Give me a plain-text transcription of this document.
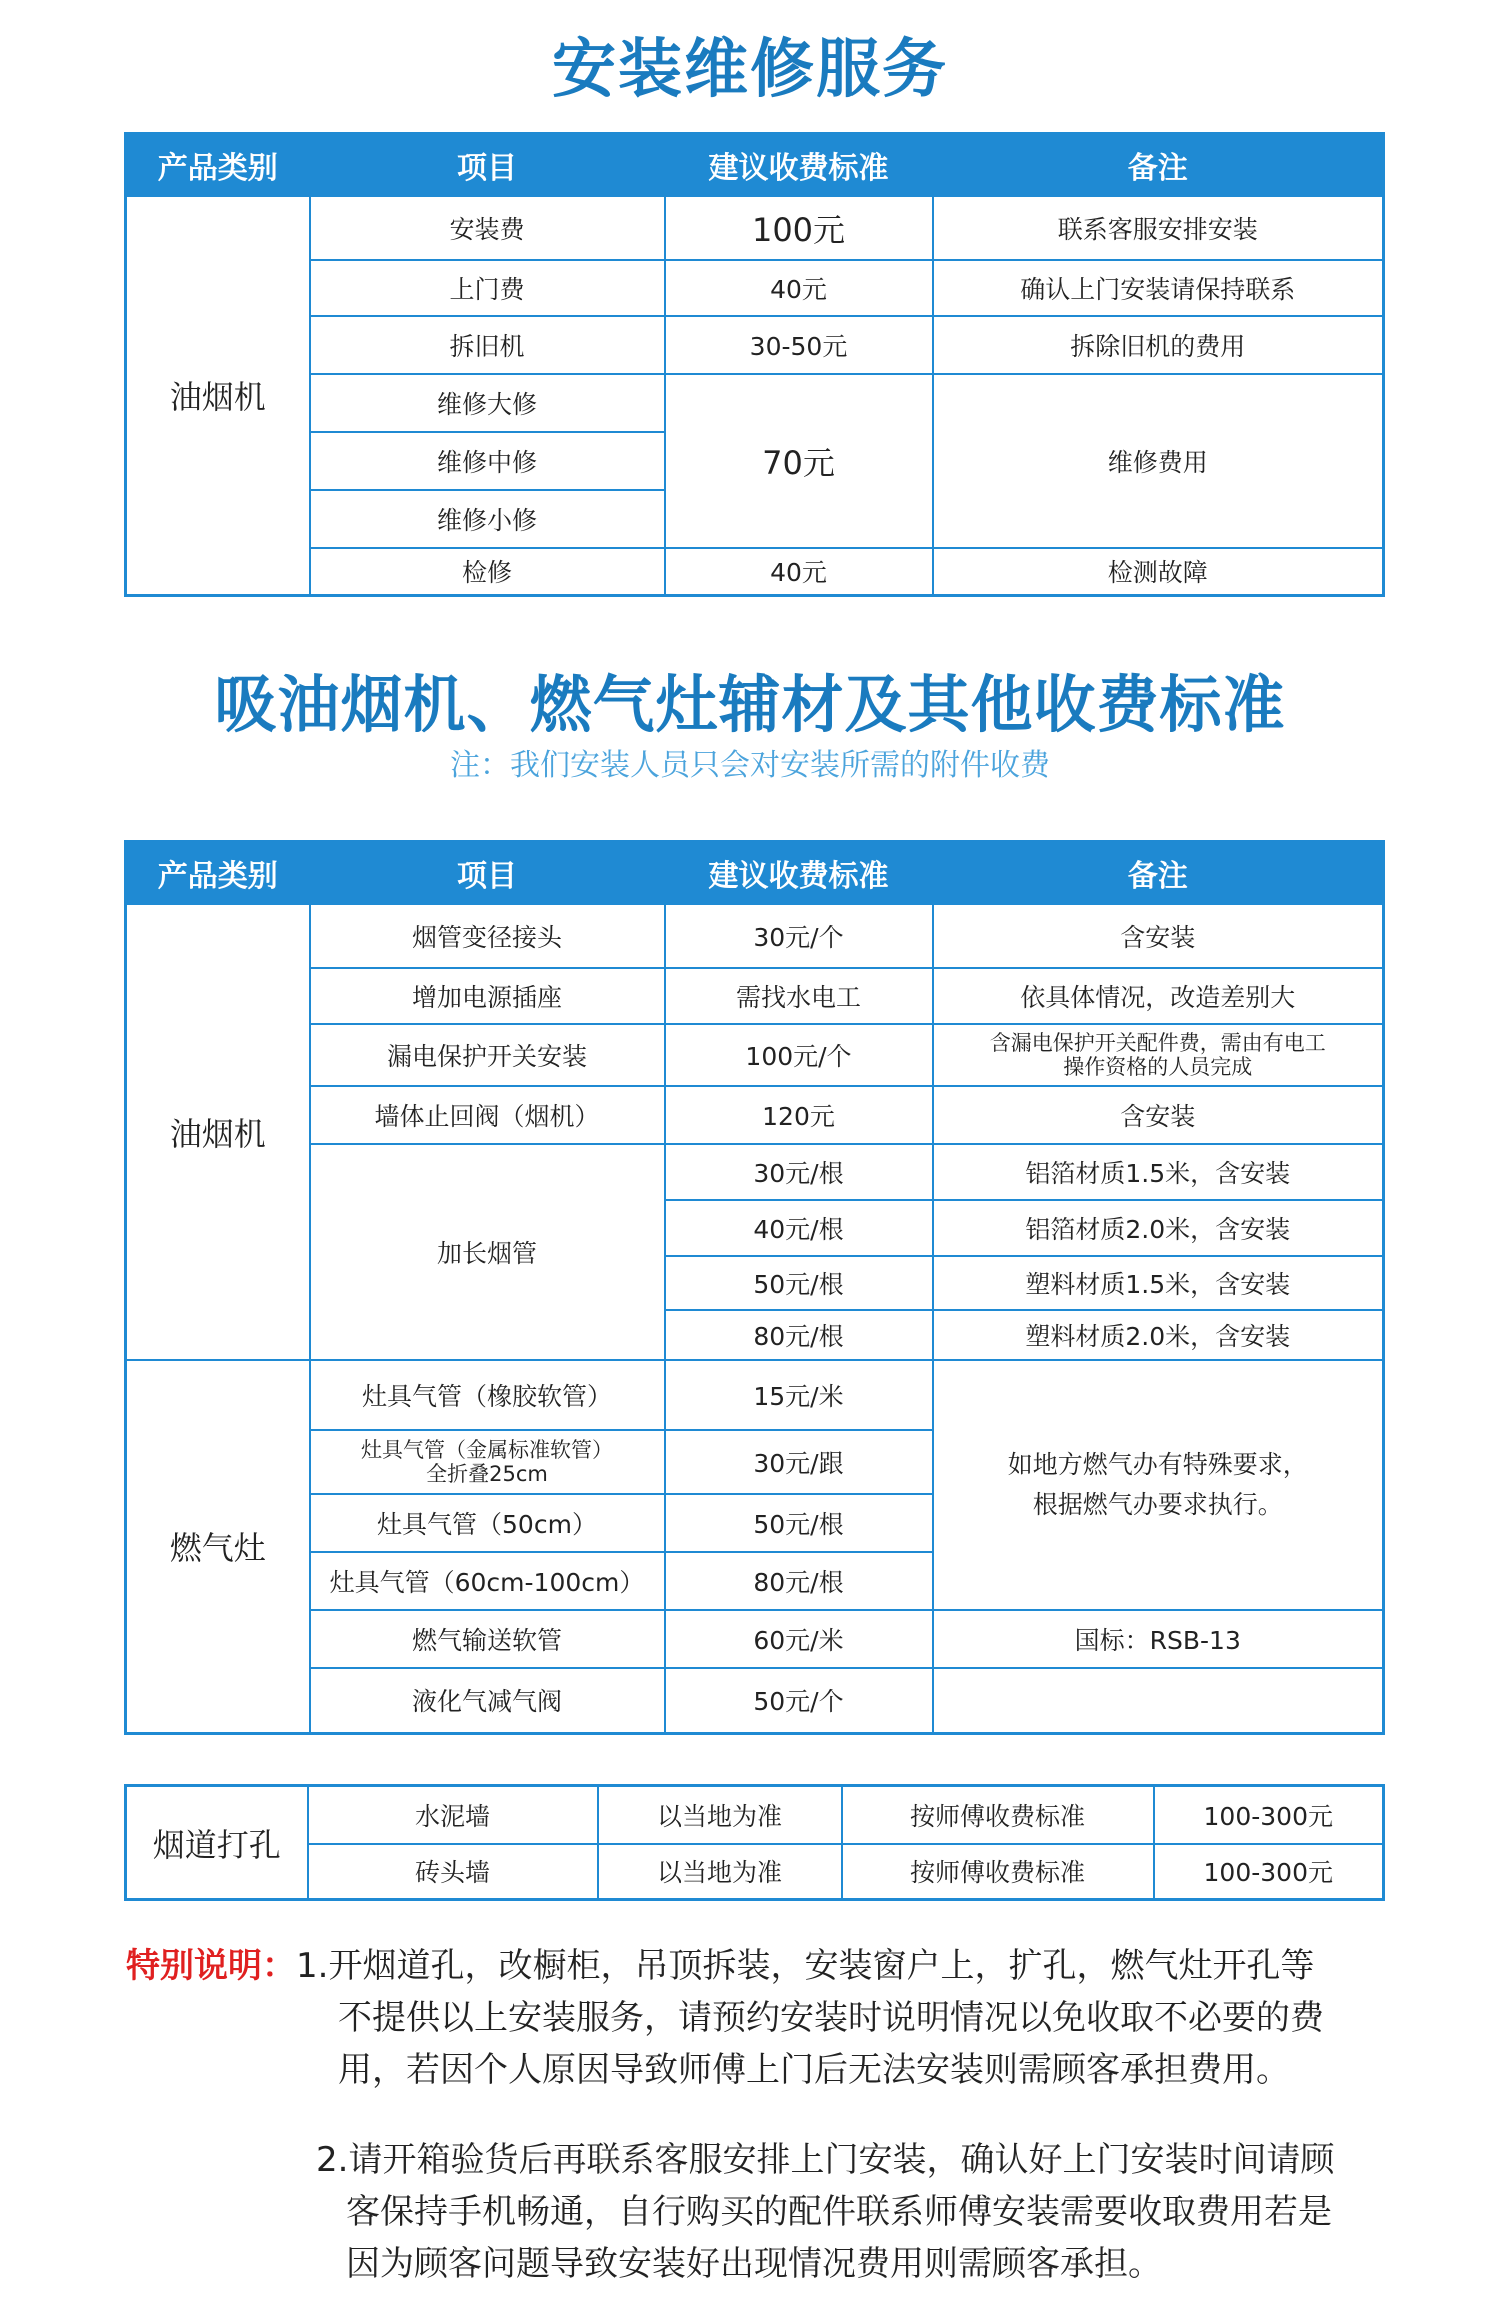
安装维修服务
产品类别	项目	建议收费标准	备注
油烟机	安装费	100元	联系客服安排安装
	上门费	40元	确认上门安装请保持联系
	拆旧机	30-50元	拆除旧机的费用
	维修大修	70元	维修费用
	维修中修		
	维修小修		
	检修	40元	检测故障
吸油烟机、燃气灶辅材及其他收费标准
注：我们安装人员只会对安装所需的附件收费
产品类别	项目	建议收费标准	备注
油烟机	烟管变径接头	30元/个	含安装
	增加电源插座	需找水电工	依具体情况，改造差别大
	漏电保护开关安装	100元/个	含漏电保护开关配件费，需由有电工
操作资格的人员完成

	墙体止回阀（烟机）	120元	含安装
	加长烟管	30元/根	铝箔材质1.5米，含安装
		40元/根	铝箔材质2.0米，含安装
		50元/根	塑料材质1.5米，含安装
		80元/根	塑料材质2.0米，含安装
燃气灶	灶具气管（橡胶软管）	15元/米	如地方燃气办有特殊要求，
根据燃气办要求执行。

	灶具气管（金属标准软管）
全折叠25cm	30元/跟	
	灶具气管（50cm）	50元/根	
	灶具气管（60cm-100cm）	80元/根	
	燃气输送软管	60元/米	国标：RSB-13
	液化气减气阀	50元/个	
烟道打孔	水泥墙	以当地为准	按师傅收费标准	100-300元
	砖头墙	以当地为准	按师傅收费标准	100-300元
特别说明：1.开烟道孔，改橱柜，吊顶拆装，安装窗户上，扩孔，燃气灶开孔等
不提供以上安装服务，请预约安装时说明情况以免收取不必要的费
用，若因个人原因导致师傅上门后无法安装则需顾客承担费用。
2.请开箱验货后再联系客服安排上门安装，确认好上门安装时间请顾
客保持手机畅通，自行购买的配件联系师傅安装需要收取费用若是
因为顾客问题导致安装好出现情况费用则需顾客承担。
